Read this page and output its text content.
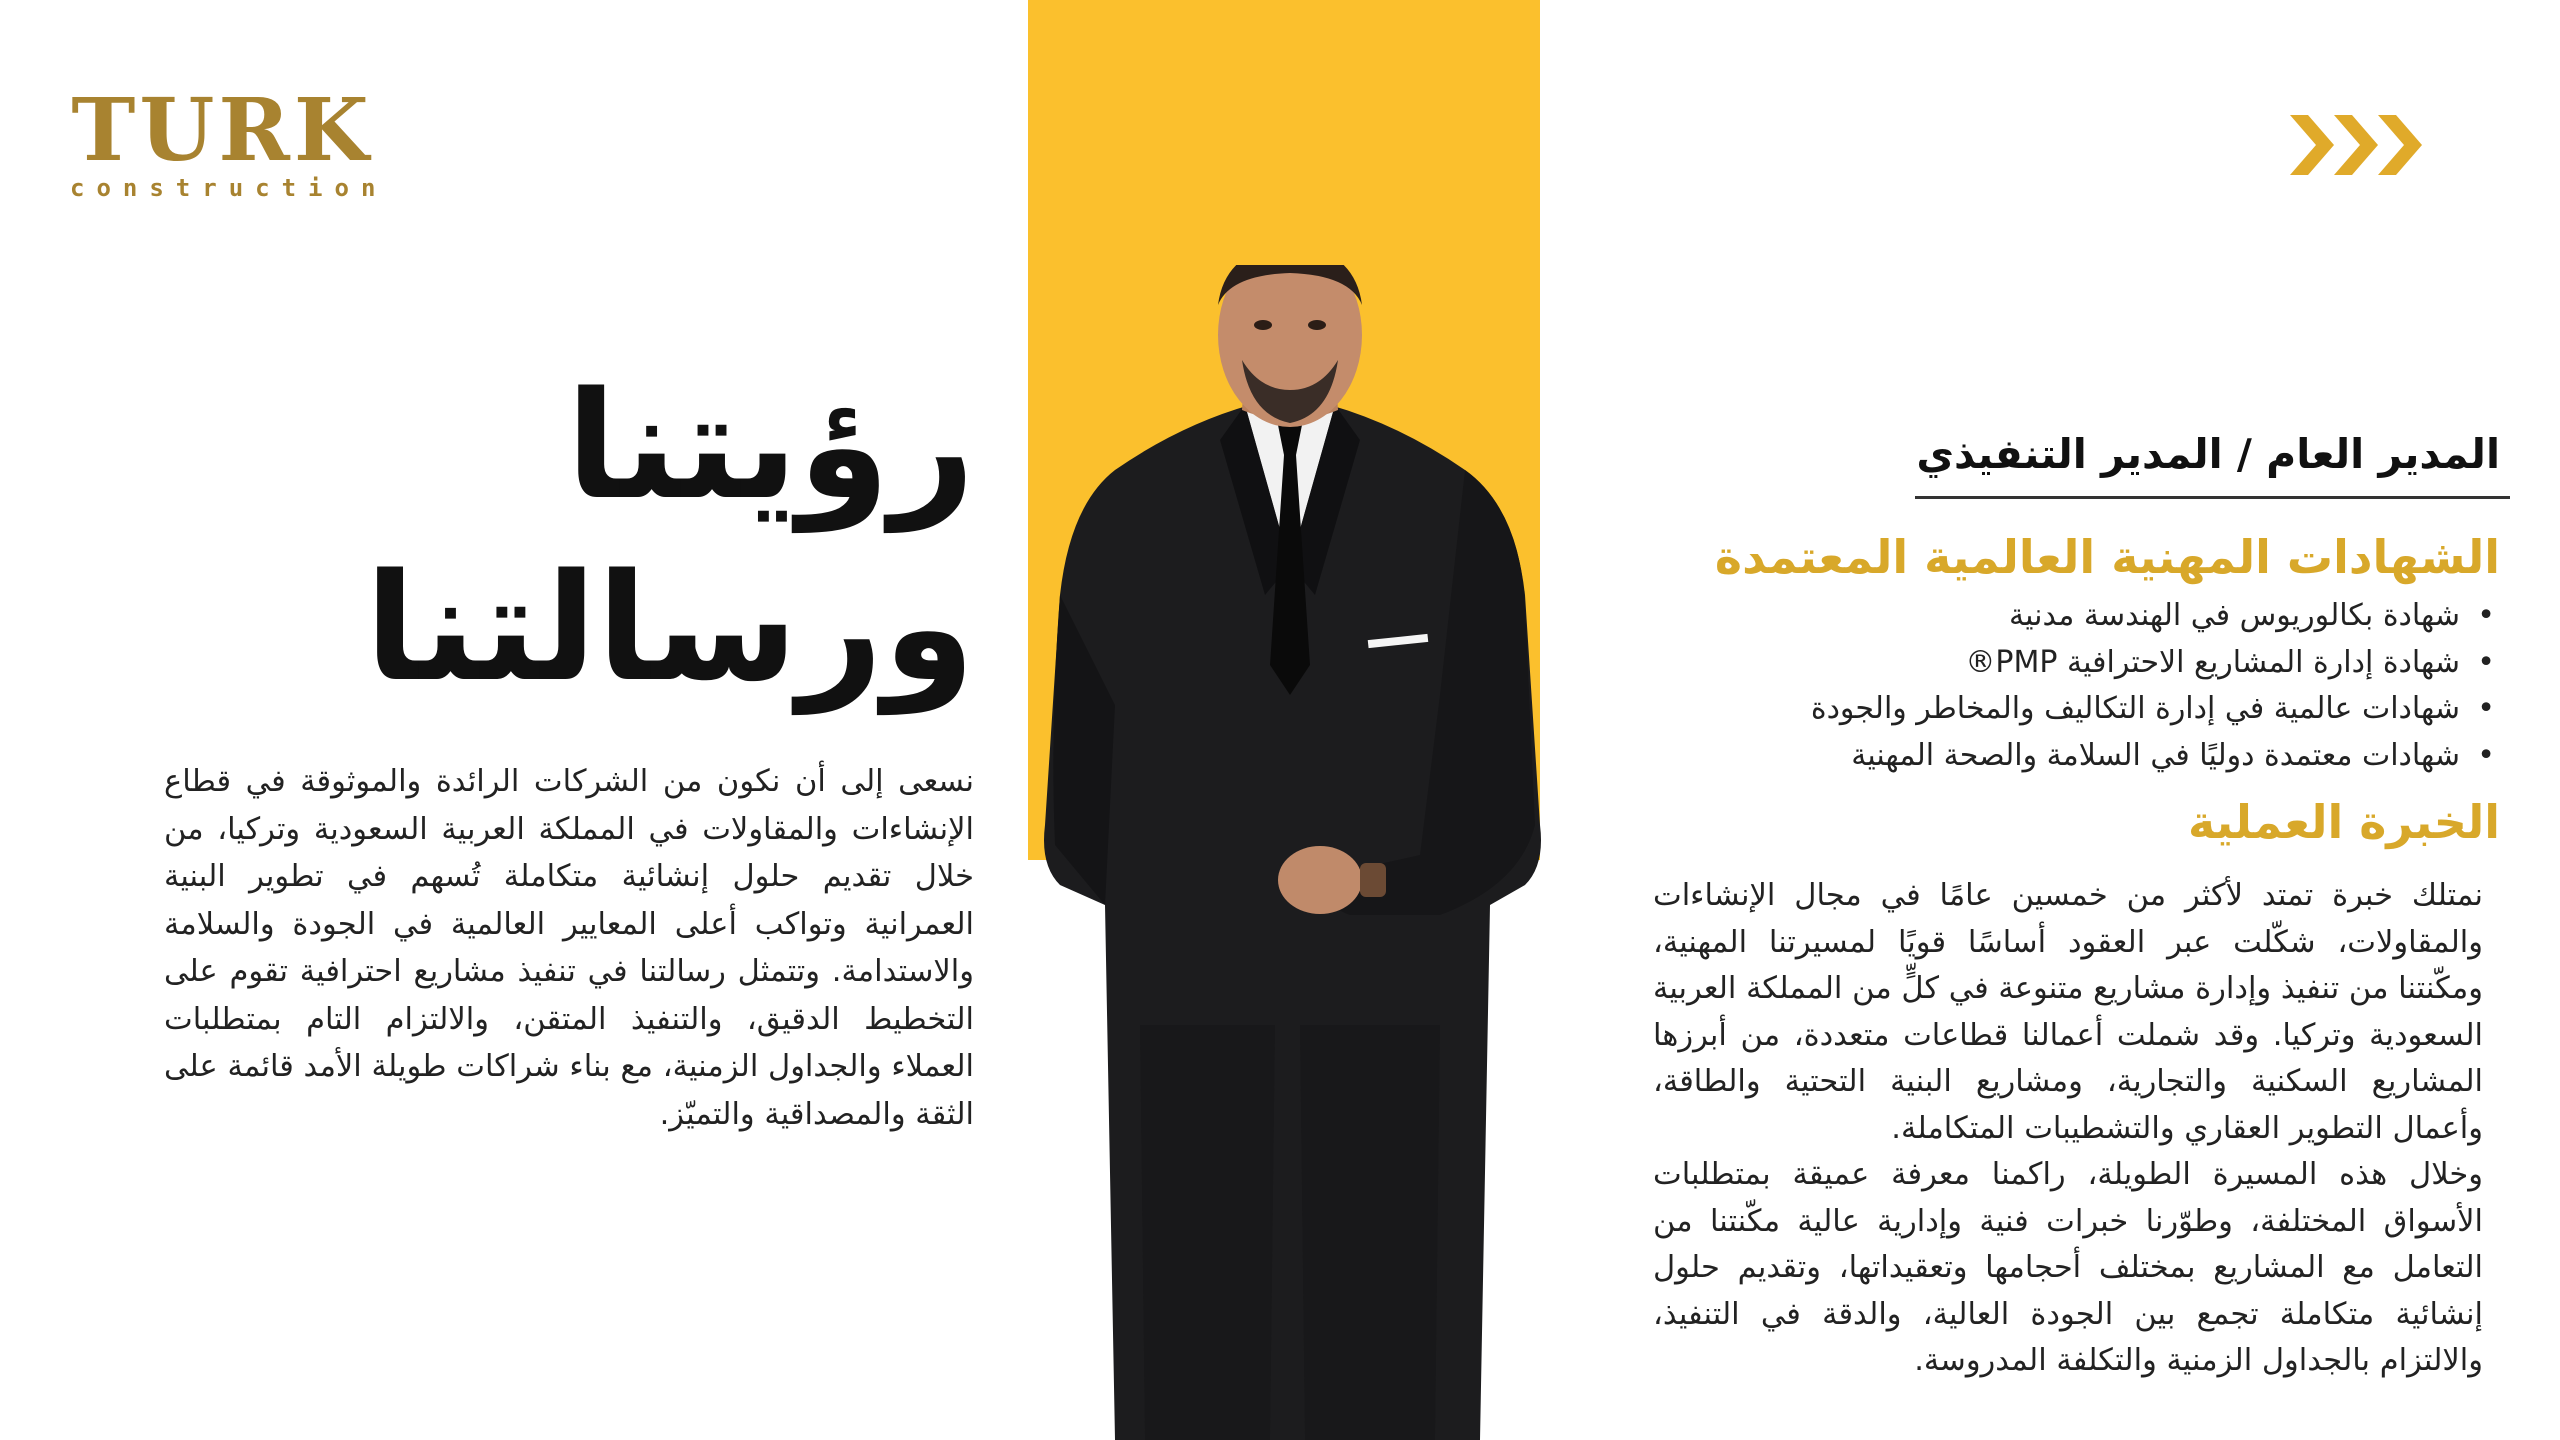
TURK
construction
رؤيتنا
ورسالتنا

نسعى إلى أن نكون من الشركات الرائدة والموثوقة في قطاع الإنشاءات والمقاولات في المملكة العربية السعودية وتركيا، من خلال تقديم حلول إنشائية متكاملة تُسهم في تطوير البنية العمرانية وتواكب أعلى المعايير العالمية في الجودة والسلامة والاستدامة. وتتمثل رسالتنا في تنفيذ مشاريع احترافية تقوم على التخطيط الدقيق، والتنفيذ المتقن، والالتزام التام بمتطلبات العملاء والجداول الزمنية، مع بناء شراكات طويلة الأمد قائمة على الثقة والمصداقية والتميّز.

المدير العام / المدير التنفيذي
الشهادات المهنية العالمية المعتمدة
• شهادة بكالوريوس في الهندسة مدنية
• شهادة إدارة المشاريع الاحترافية PMP®
• شهادات عالمية في إدارة التكاليف والمخاطر والجودة
• شهادات معتمدة دوليًا في السلامة والصحة المهنية
الخبرة العملية
نمتلك خبرة تمتد لأكثر من خمسين عامًا في مجال الإنشاءات والمقاولات، شكّلت عبر العقود أساسًا قويًا لمسيرتنا المهنية، ومكّنتنا من تنفيذ وإدارة مشاريع متنوعة في كلٍّ من المملكة العربية السعودية وتركيا. وقد شملت أعمالنا قطاعات متعددة، من أبرزها المشاريع السكنية والتجارية، ومشاريع البنية التحتية والطاقة، وأعمال التطوير العقاري والتشطيبات المتكاملة.
وخلال هذه المسيرة الطويلة، راكمنا معرفة عميقة بمتطلبات الأسواق المختلفة، وطوّرنا خبرات فنية وإدارية عالية مكّنتنا من التعامل مع المشاريع بمختلف أحجامها وتعقيداتها، وتقديم حلول إنشائية متكاملة تجمع بين الجودة العالية، والدقة في التنفيذ، والالتزام بالجداول الزمنية والتكلفة المدروسة.
